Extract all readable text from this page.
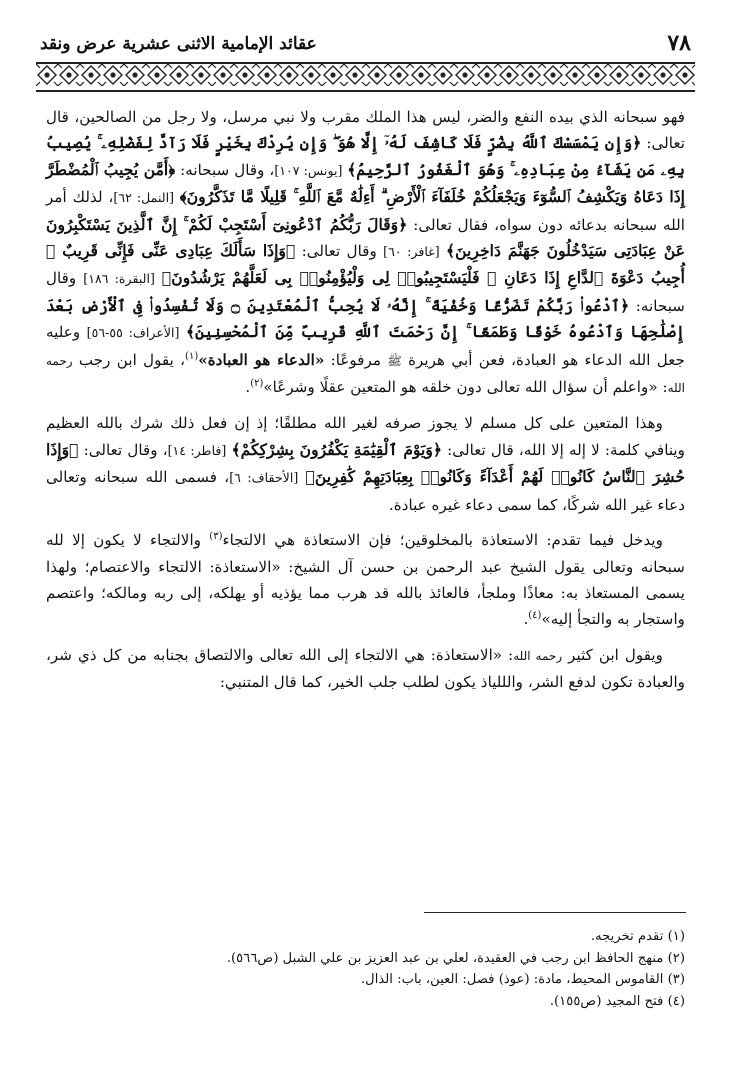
٧٨
عقائد الإمامية الاثنى عشرية عرض ونقد

فهو سبحانه الذي بيده النفع والضر، ليس هذا الملك مقرب ولا نبي مرسل، ولا رجل من الصالحين، قال تعالى: ﴿وَإِن يَمْسَسْكَ ٱللَّهُ بِضُرٍّ فَلَا كَاشِفَ لَهُۥٓ إِلَّا هُوَ ۖ وَإِن يُرِدْكَ بِخَيْرٍ فَلَا رَآدَّ لِفَضْلِهِۦ ۚ يُصِيبُ بِهِۦ مَن يَشَآءُ مِنْ عِبَادِهِۦ ۚ وَهُوَ ٱلْغَفُورُ ٱلرَّحِيمُ﴾ [يونس: ١٠٧]، وقال سبحانه: ﴿أَمَّن يُجِيبُ ٱلْمُضْطَرَّ إِذَا دَعَاهُ وَيَكْشِفُ ٱلسُّوٓءَ وَيَجْعَلُكُمْ خُلَفَآءَ ٱلْأَرْضِ ۗ أَءِلَٰهٌ مَّعَ ٱللَّهِ ۚ قَلِيلًا مَّا تَذَكَّرُونَ﴾ [النمل: ٦٢]، لذلك أمر الله سبحانه بدعائه دون سواه، فقال تعالى: ﴿وَقَالَ رَبُّكُمُ ٱدْعُونِىٓ أَسْتَجِبْ لَكُمْ ۚ إِنَّ ٱلَّذِينَ يَسْتَكْبِرُونَ عَنْ عِبَادَتِى سَيَدْخُلُونَ جَهَنَّمَ دَاخِرِينَ﴾ [غافر: ٦٠] وقال تعالى: ﴿وَإِذَا سَأَلَكَ عِبَادِى عَنِّى فَإِنِّى قَرِيبٌ ۖ أُجِيبُ دَعْوَةَ ٱلدَّاعِ إِذَا دَعَانِ ۖ فَلْيَسْتَجِيبُوا۟ لِى وَلْيُؤْمِنُوا۟ بِى لَعَلَّهُمْ يَرْشُدُونَ﴾ [البقرة: ١٨٦] وقال سبحانه: ﴿ٱدْعُوا۟ رَبَّكُمْ تَضَرُّعًا وَخُفْيَةً ۚ إِنَّهُۥ لَا يُحِبُّ ٱلْمُعْتَدِينَ ۝ وَلَا تُفْسِدُوا۟ فِى ٱلْأَرْضِ بَعْدَ إِصْلَٰحِهَا وَٱدْعُوهُ خَوْفًا وَطَمَعًا ۚ إِنَّ رَحْمَتَ ٱللَّهِ قَرِيبٌ مِّنَ ٱلْمُحْسِنِينَ﴾ [الأعراف: ٥٥-٥٦] وعليه جعل الله الدعاء هو العبادة، فعن أبي هريرة ﷺ مرفوعًا: «الدعاء هو العبادة»$^{(١)}$، يقول ابن رجب رحمه الله: «واعلم أن سؤال الله تعالى دون خلقه هو المتعين عقلًا وشرعًا»$^{(٢)}$.

وهذا المتعين على كل مسلم لا يجوز صرفه لغير الله مطلقًا؛ إذ إن فعل ذلك شرك بالله العظيم وينافي كلمة: لا إله إلا الله، قال تعالى: ﴿وَيَوْمَ ٱلْقِيَٰمَةِ يَكْفُرُونَ بِشِرْكِكُمْ﴾ [فاطر: ١٤]، وقال تعالى: ﴿وَإِذَا حُشِرَ ٱلنَّاسُ كَانُوا۟ لَهُمْ أَعْدَآءً وَكَانُوا۟ بِعِبَادَتِهِمْ كَٰفِرِينَ﴾ [الأحقاف: ٦]، فسمى الله سبحانه وتعالى دعاء غير الله شركًا، كما سمى دعاء غيره عبادة.

ويدخل فيما تقدم: الاستعاذة بالمخلوقين؛ فإن الاستعاذة هي الالتجاء$^{(٣)}$ والالتجاء لا يكون إلا لله سبحانه وتعالى يقول الشيخ عبد الرحمن بن حسن آل الشيخ: «الاستعاذة: الالتجاء والاعتصام؛ ولهذا يسمى المستعاذ به: معاذًا وملجأ، فالعائذ بالله قد هرب مما يؤذيه أو يهلكه، إلى ربه ومالكه؛ واعتصم واستجار به والتجأ إليه»$^{(٤)}$.

ويقول ابن كثير رحمه الله: «الاستعاذة: هي الالتجاء إلى الله تعالى والالتصاق بجنابه من كل ذي شر، والعبادة تكون لدفع الشر، والللياذ يكون لطلب جلب الخير، كما قال المتنبي:

(١) تقدم تخريجه.

(٢) منهج الحافظ ابن رجب في العقيدة، لعلي بن عبد العزيز بن علي الشبل (ص٥٦٦).

(٣) القاموس المحيط، مادة: (عوذ) فصل: العين، باب: الذال.

(٤) فتح المجيد (ص١٥٥).
